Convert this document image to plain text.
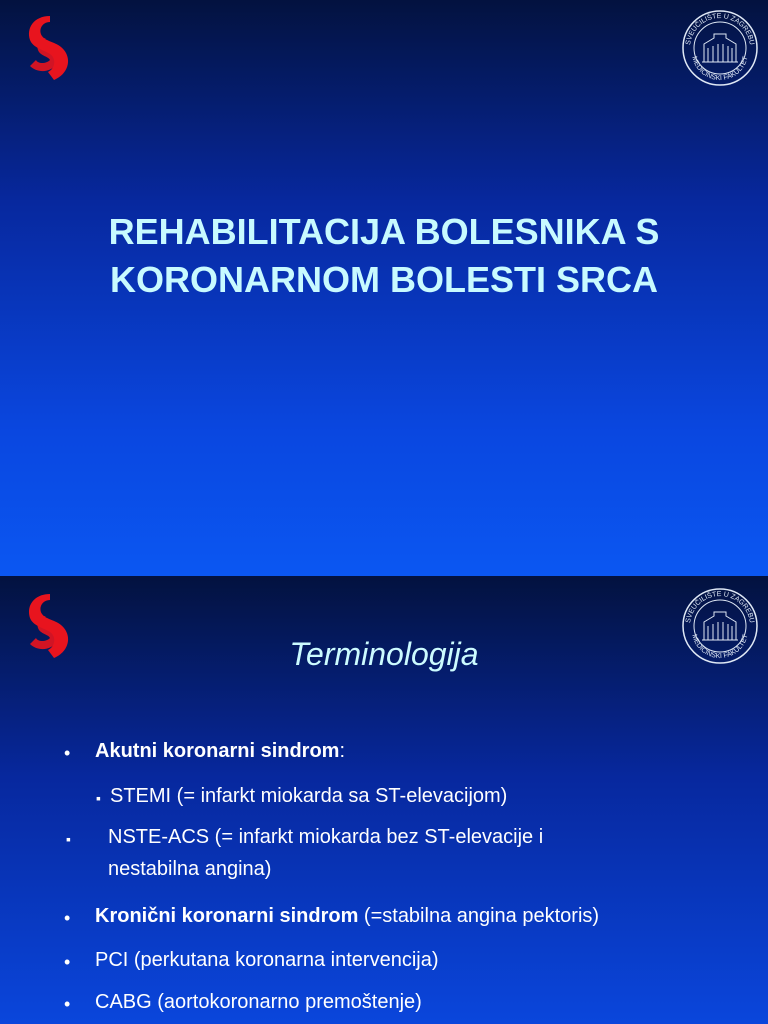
SVEUČILIŠTE U ZAGREBU
MEDICINSKI FAKULTET
REHABILITACIJA BOLESNIKA S
KORONARNOM BOLESTI SRCA
SVEUČILIŠTE U ZAGREBU
MEDICINSKI FAKULTET
Terminologija
• Akutni koronarni sindrom:
▪ STEMI (= infarkt miokarda sa ST-elevacijom)
▪ NSTE-ACS (= infarkt miokarda bez ST-elevacije i
nestabilna angina)
• Kronični koronarni sindrom (=stabilna angina pektoris)
• PCI (perkutana koronarna intervencija)
• CABG (aortokoronarno premoštenje)
